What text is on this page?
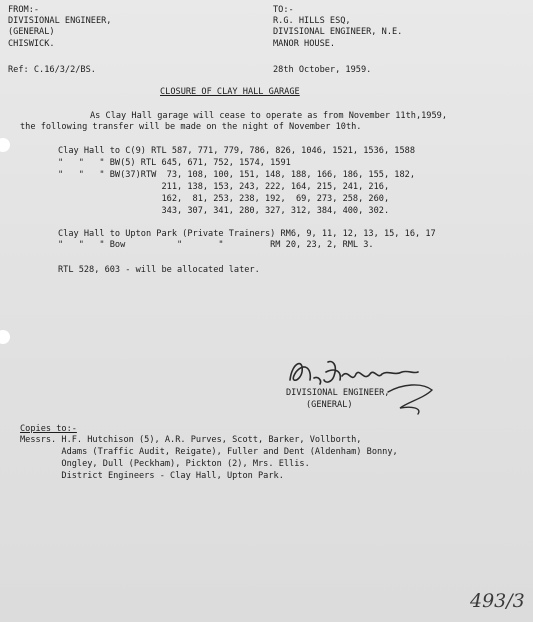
FROM:-
DIVISIONAL ENGINEER,
(GENERAL)
CHISWICK.
TO:-
R.G. HILLS ESQ,
DIVISIONAL ENGINEER, N.E.
MANOR HOUSE.
Ref: C.16/3/2/BS.	28th October, 1959.
CLOSURE OF CLAY HALL GARAGE
As Clay Hall garage will cease to operate as from November 11th,1959,
the following transfer will be made on the night of November 10th.
Clay Hall to C(9) RTL 587, 771, 779, 786, 826, 1046, 1521, 1536, 1588
"   "   " BW(5) RTL 645, 671, 752, 1574, 1591
"   "   " BW(37)RTW  73, 108, 100, 151, 148, 188, 166, 186, 155, 182,
211, 138, 153, 243, 222, 164, 215, 241, 216,
162,  81, 253, 238, 192,  69, 273, 258, 260,
343, 307, 341, 280, 327, 312, 384, 400, 302.
Clay Hall to Upton Park (Private Trainers) RM6, 9, 11, 12, 13, 15, 16, 17
"   "   " Bow          "       "         RM 20, 23, 2, RML 3.
RTL 528, 603 - will be allocated later.
DIVISIONAL ENGINEER,
(GENERAL)
Copies to:-
Messrs. H.F. Hutchison (5), A.R. Purves, Scott, Barker, Vollborth,
Adams (Traffic Audit, Reigate), Fuller and Dent (Aldenham) Bonny,
Ongley, Dull (Peckham), Pickton (2), Mrs. Ellis.
District Engineers - Clay Hall, Upton Park.
493/3
